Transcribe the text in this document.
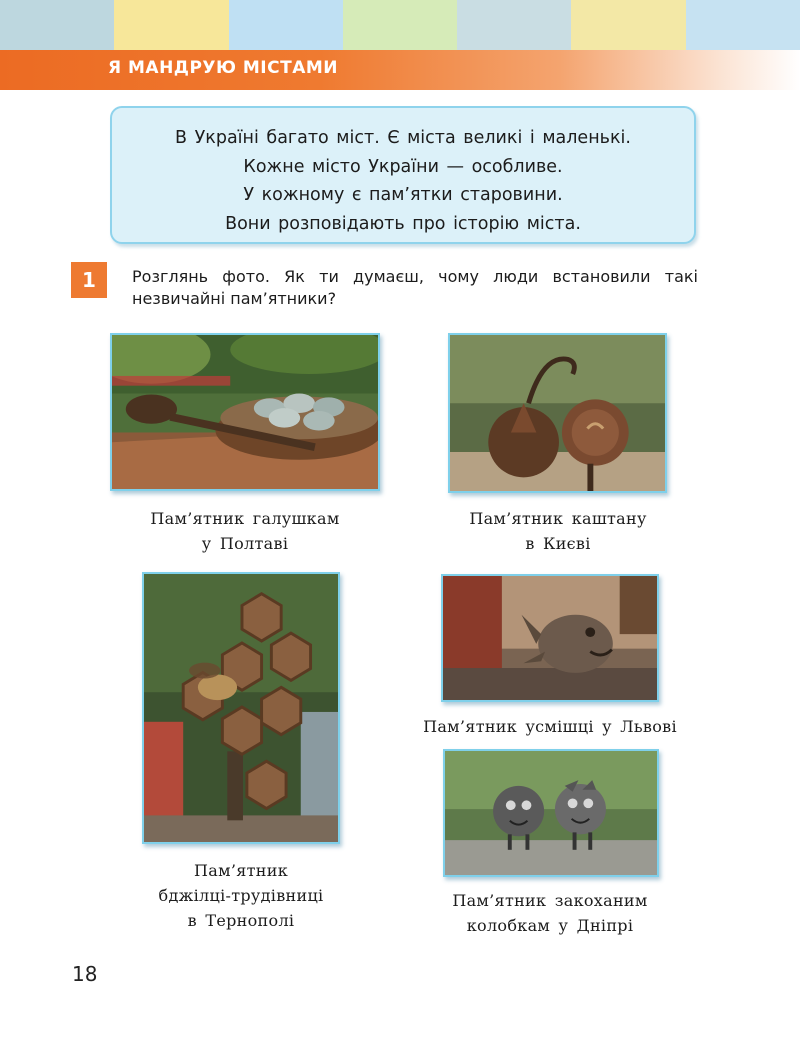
Я МАНДРУЮ МІСТАМИ

В Україні багато міст. Є міста великі і маленькі.

Кожне місто України — особливе.

У кожному є пам’ятки старовини.

Вони розповідають про історію міста.

1	Розглянь фото. Як ти думаєш, чому люди встановили такі незвичайні пам’ятники?
Пам’ятник галушкам
у Полтаві
Пам’ятник каштану
в Києві
Пам’ятник
бджілці-трудівниці
в Тернополі
Пам’ятник усмішці у Львові
Пам’ятник закоханим
колобкам у Дніпрі
18
